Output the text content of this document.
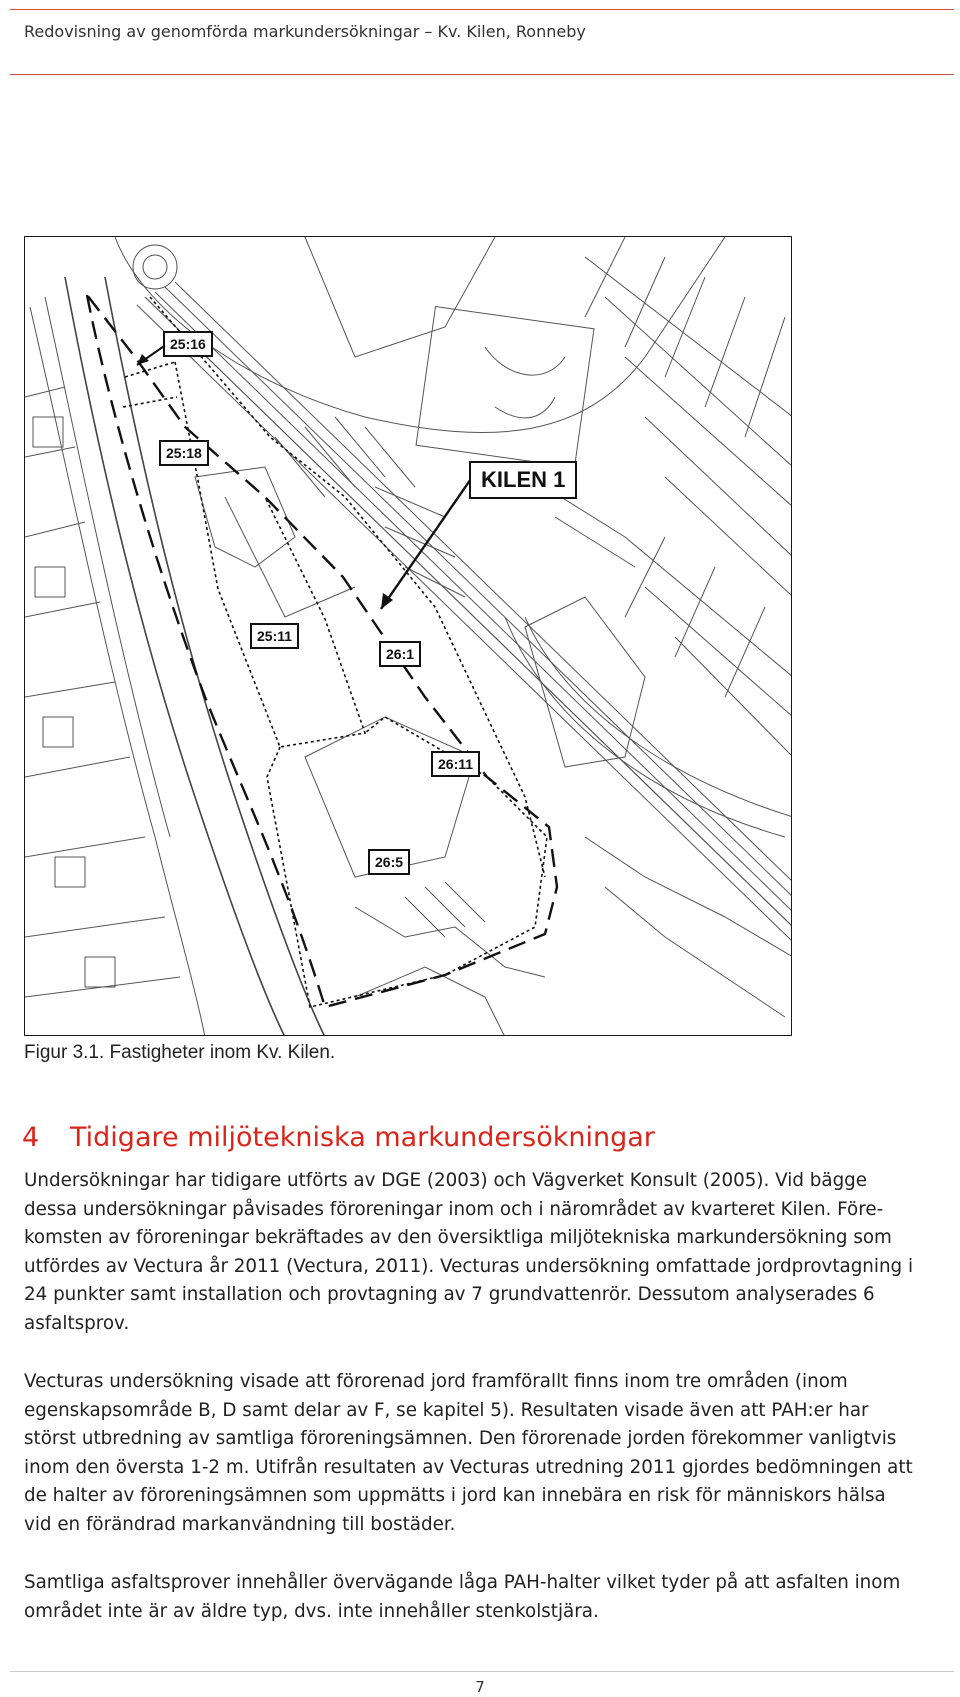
Redovisning av genomförda markundersökningar – Kv. Kilen, Ronneby
KILEN 1
25:16
25:18
25:11
26:1
26:11
26:5
Figur 3.1. Fastigheter inom Kv. Kilen.
4 Tidigare miljötekniska markundersökningar
Undersökningar har tidigare utförts av DGE (2003) och Vägverket Konsult (2005). Vid bägge
dessa undersökningar påvisades föroreningar inom och i närområdet av kvarteret Kilen. Före-
komsten av föroreningar bekräftades av den översiktliga miljötekniska markundersökning som
utfördes av Vectura år 2011 (Vectura, 2011). Vecturas undersökning omfattade jordprovtagning i
24 punkter samt installation och provtagning av 7 grundvattenrör. Dessutom analyserades 6
asfaltsprov.
Vecturas undersökning visade att förorenad jord framförallt finns inom tre områden (inom
egenskapsområde B, D samt delar av F, se kapitel 5). Resultaten visade även att PAH:er har
störst utbredning av samtliga föroreningsämnen. Den förorenade jorden förekommer vanligtvis
inom den översta 1-2 m. Utifrån resultaten av Vecturas utredning 2011 gjordes bedömningen att
de halter av föroreningsämnen som uppmätts i jord kan innebära en risk för människors hälsa
vid en förändrad markanvändning till bostäder.
Samtliga asfaltsprover innehåller övervägande låga PAH-halter vilket tyder på att asfalten inom
området inte är av äldre typ, dvs. inte innehåller stenkolstjära.
7
